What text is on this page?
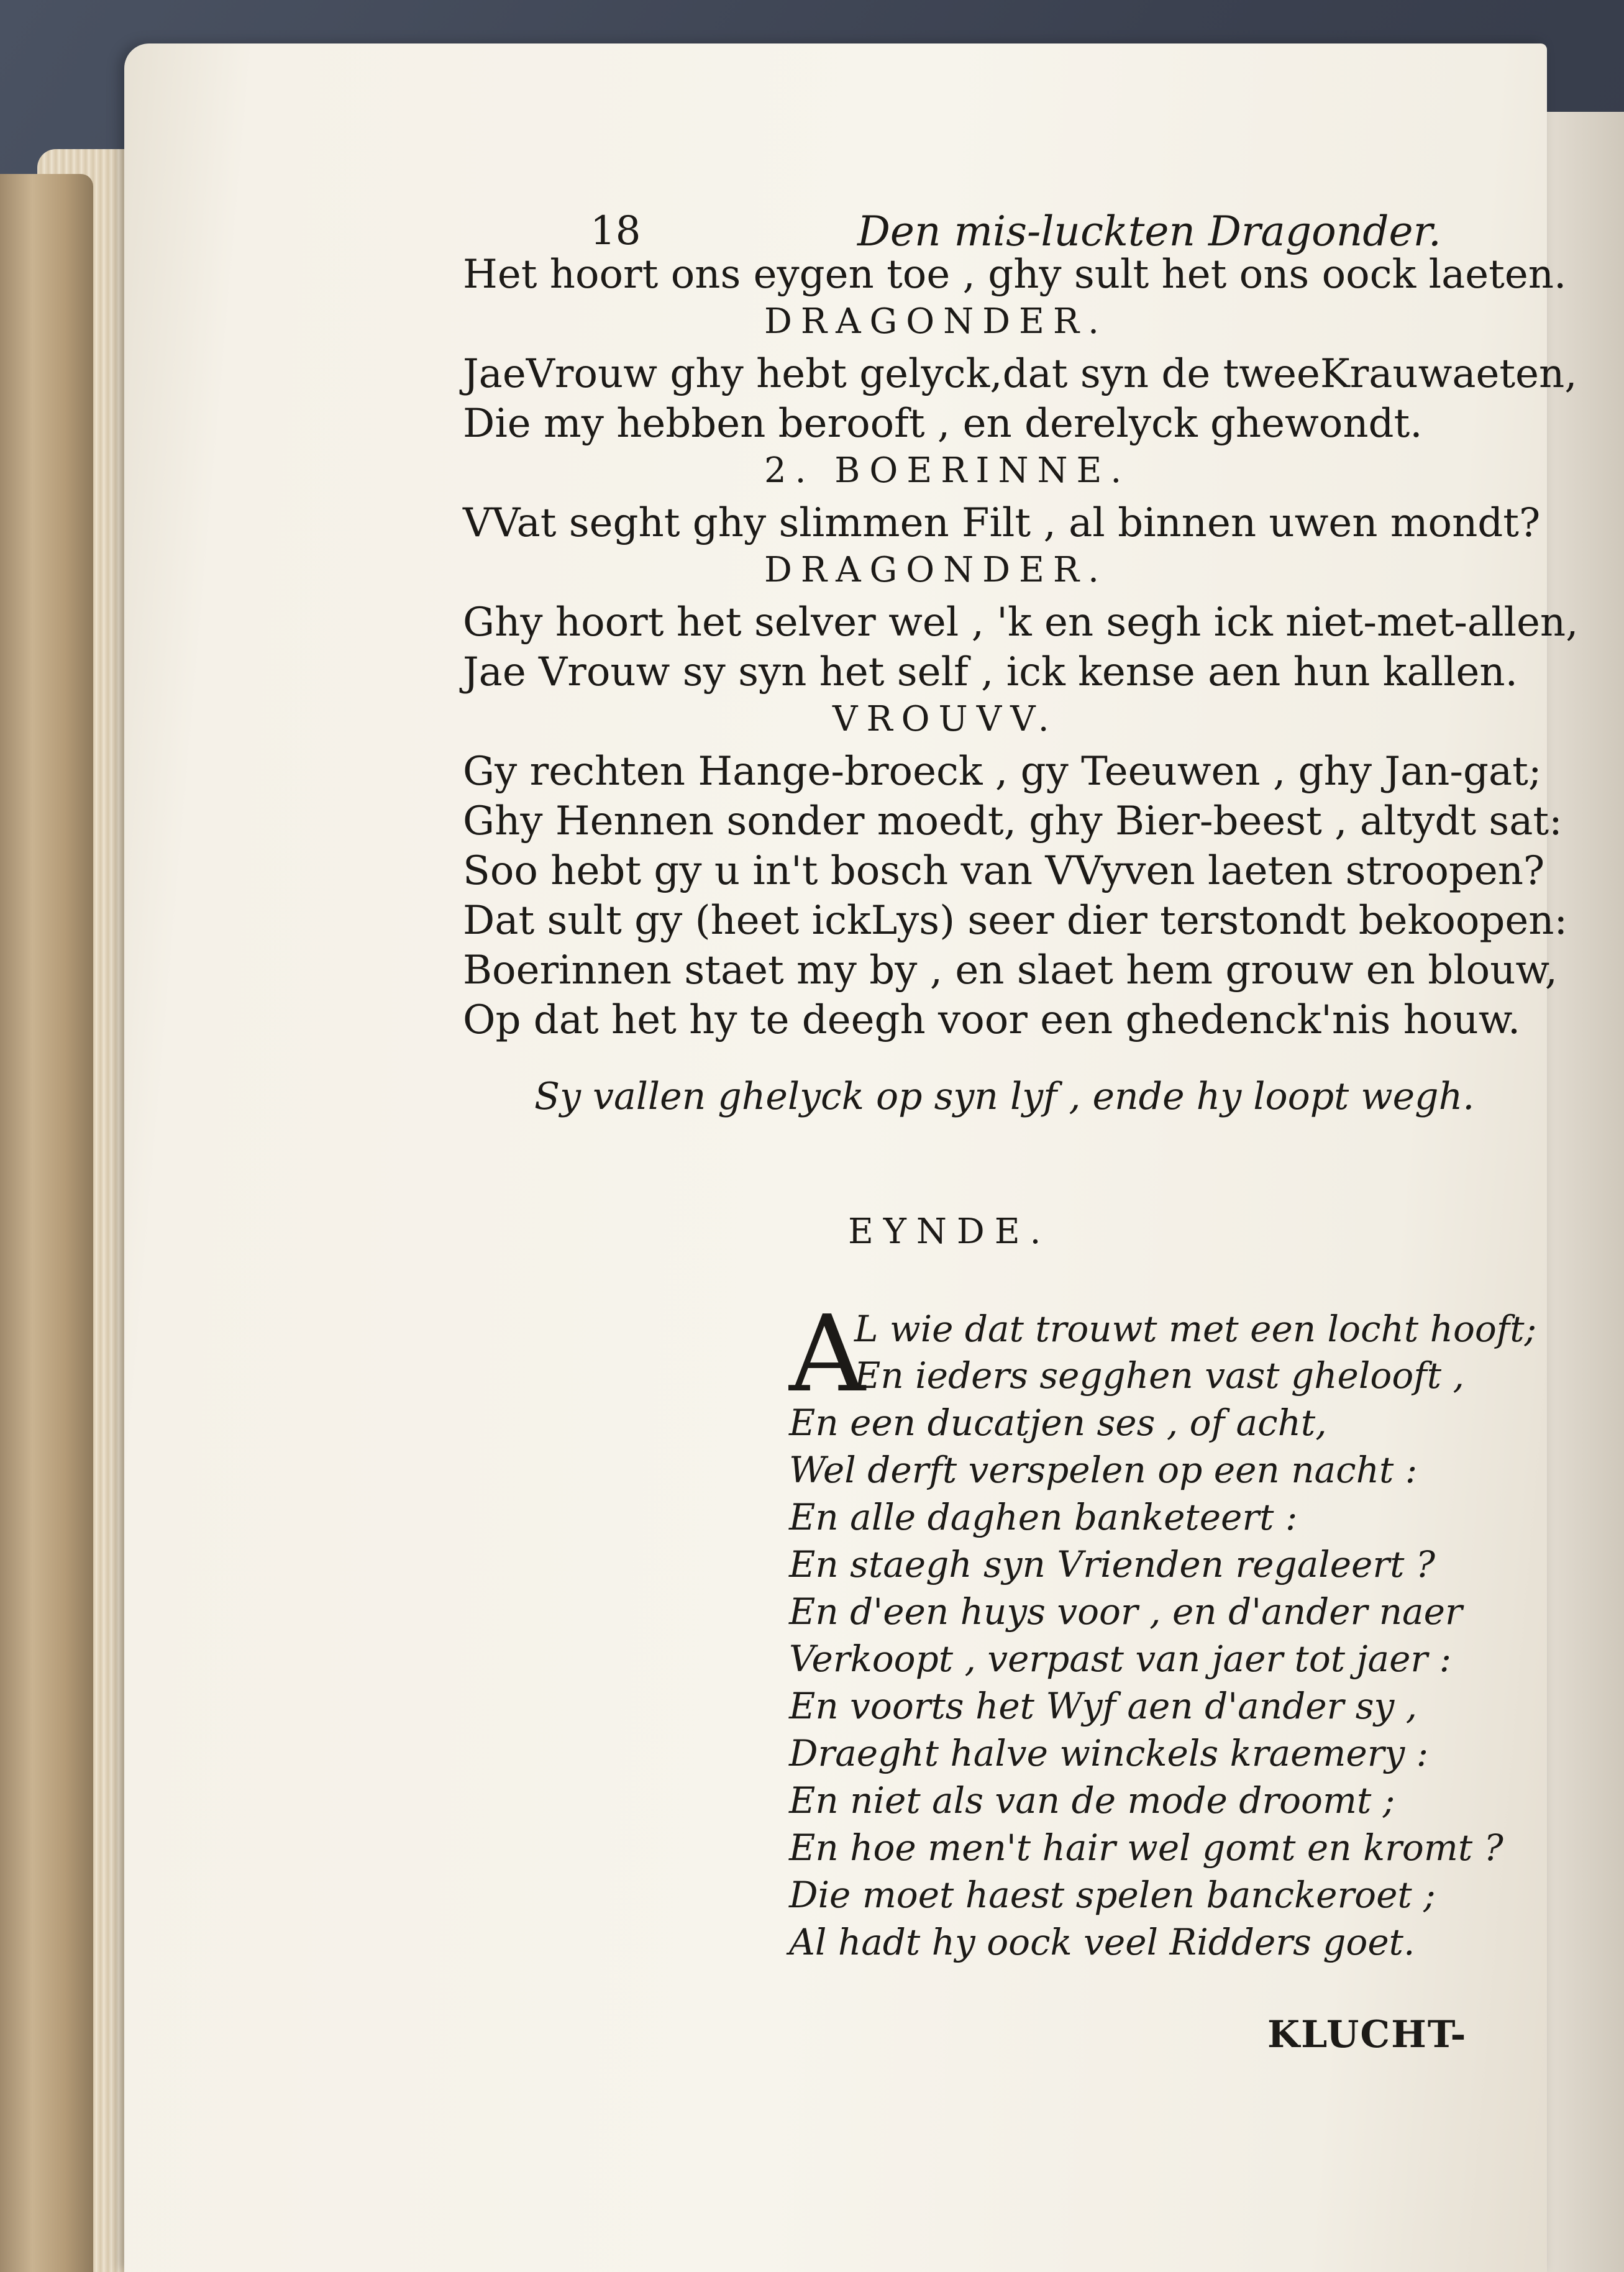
18	Den mis-luckten Dragonder.
Het hoort ons eygen toe , ghy sult het ons oock laeten.
DRAGONDER.
JaeVrouw ghy hebt gelyck,dat syn de tweeKrauwaeten,
Die my hebben berooft , en derelyck ghewondt.
2. BOERINNE.
VVat seght ghy slimmen Filt , al binnen uwen mondt?
DRAGONDER.
Ghy hoort het selver wel , 'k en segh ick niet-met-allen,
Jae Vrouw sy syn het self , ick kense aen hun kallen.
VROUVV.
Gy rechten Hange-broeck , gy Teeuwen , ghy Jan-gat;
Ghy Hennen sonder moedt, ghy Bier-beest , altydt sat:
Soo hebt gy u in't bosch van VVyven laeten stroopen?
Dat sult gy (heet ickLys) seer dier terstondt bekoopen:
Boerinnen staet my by , en slaet hem grouw en blouw,
Op dat het hy te deegh voor een ghedenck'nis houw.
Sy vallen ghelyck op syn lyf , ende hy loopt wegh.
EYNDE.
A
L wie dat trouwt met een locht hooft;
En ieders segghen vast ghelooft ,
En een ducatjen ses , of acht,
Wel derft verspelen op een nacht :
En alle daghen banketeert :
En staegh syn Vrienden regaleert ?
En d'een huys voor , en d'ander naer
Verkoopt , verpast van jaer tot jaer :
En voorts het Wyf aen d'ander sy ,
Draeght halve winckels kraemery :
En niet als van de mode droomt ;
En hoe men't hair wel gomt en kromt ?
Die moet haest spelen banckeroet ;
Al hadt hy oock veel Ridders goet.
KLUCHT-
